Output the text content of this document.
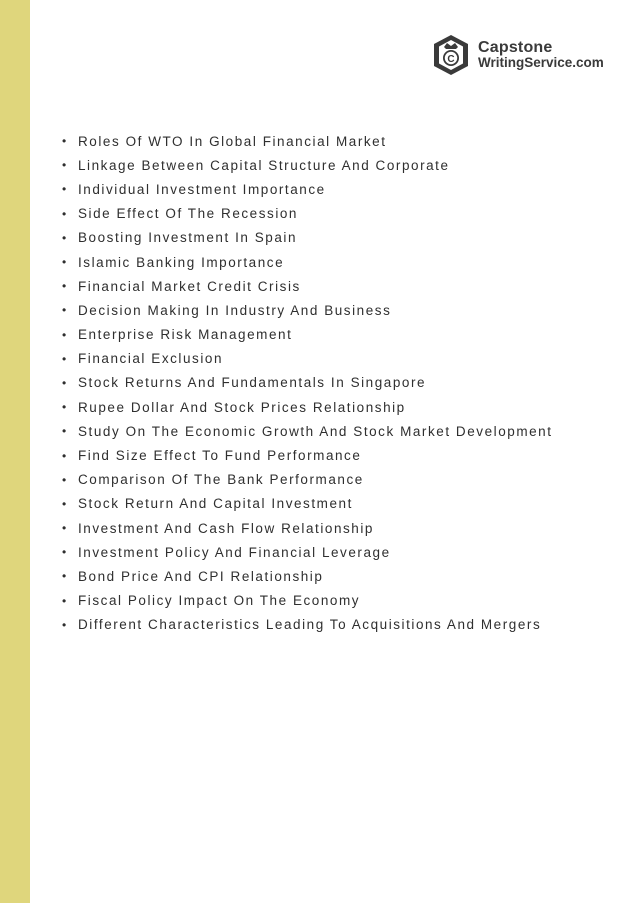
C
Capstone
WritingService.com
• Roles Of WTO In Global Financial Market
• Linkage Between Capital Structure And Corporate
• Individual Investment Importance
• Side Effect Of The Recession
• Boosting Investment In Spain
• Islamic Banking Importance
• Financial Market Credit Crisis
• Decision Making In Industry And Business
• Enterprise Risk Management
• Financial Exclusion
• Stock Returns And Fundamentals In Singapore
• Rupee Dollar And Stock Prices Relationship
• Study On The Economic Growth And Stock Market Development
• Find Size Effect To Fund Performance
• Comparison Of The Bank Performance
• Stock Return And Capital Investment
• Investment And Cash Flow Relationship
• Investment Policy And Financial Leverage
• Bond Price And CPI Relationship
• Fiscal Policy Impact On The Economy
• Different Characteristics Leading To Acquisitions And Mergers
